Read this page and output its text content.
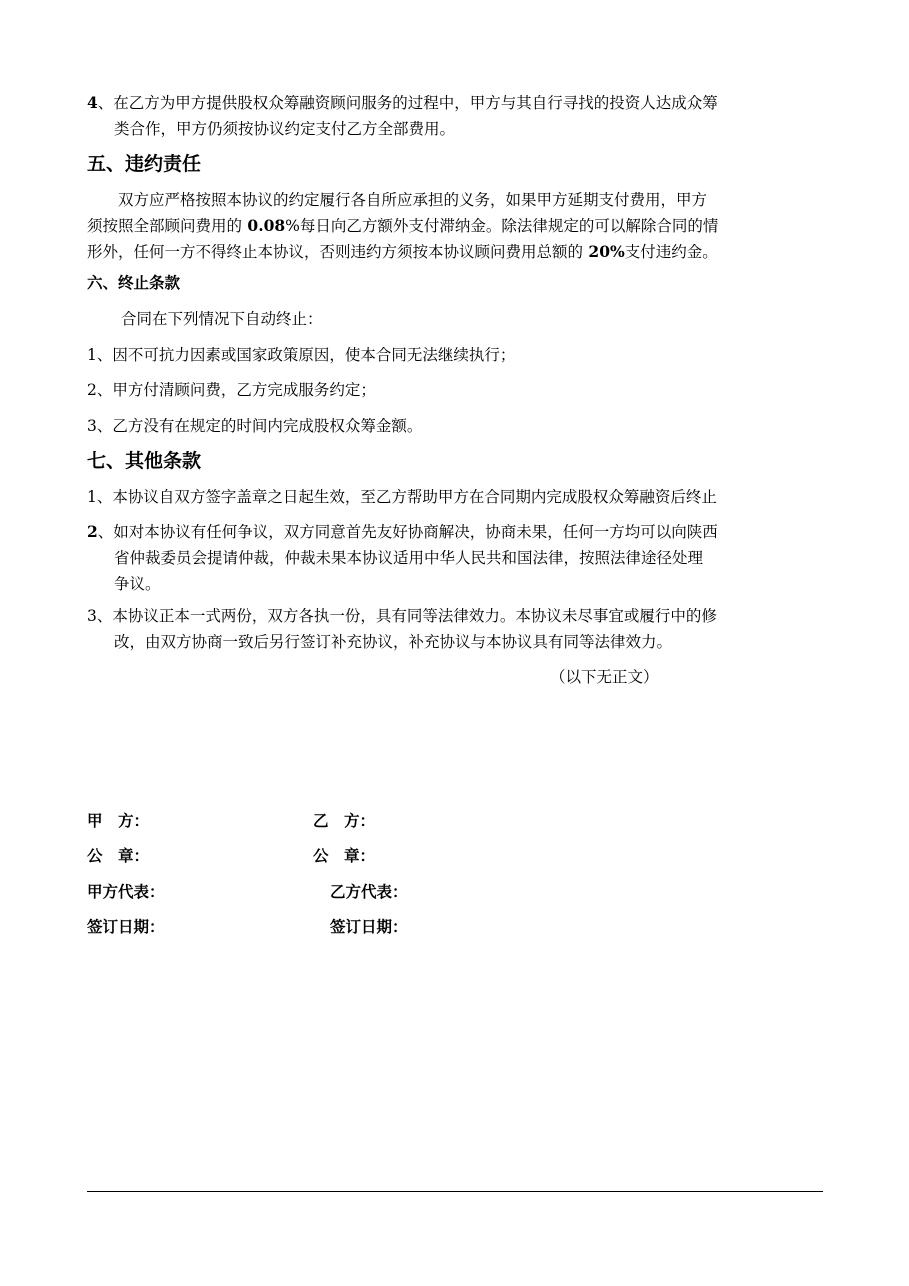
4、在乙方为甲方提供股权众筹融资顾问服务的过程中，甲方与其自行寻找的投资人达成众筹
类合作，甲方仍须按协议约定支付乙方全部费用。
五、违约责任
双方应严格按照本协议的约定履行各自所应承担的义务，如果甲方延期支付费用，甲方
须按照全部顾问费用的 0.08%每日向乙方额外支付滞纳金。除法律规定的可以解除合同的情
形外，任何一方不得终止本协议，否则违约方须按本协议顾问费用总额的 20%支付违约金。
六、终止条款
合同在下列情况下自动终止：
1、因不可抗力因素或国家政策原因，使本合同无法继续执行；
2、甲方付清顾问费，乙方完成服务约定；
3、乙方没有在规定的时间内完成股权众筹金额。
七、其他条款
1、本协议自双方签字盖章之日起生效，至乙方帮助甲方在合同期内完成股权众筹融资后终止
2、如对本协议有任何争议，双方同意首先友好协商解决，协商未果，任何一方均可以向陕西
省仲裁委员会提请仲裁，仲裁未果本协议适用中华人民共和国法律，按照法律途径处理
争议。
3、本协议正本一式两份，双方各执一份，具有同等法律效力。本协议未尽事宜或履行中的修
改，由双方协商一致后另行签订补充协议，补充协议与本协议具有同等法律效力。
（以下无正文）
甲　方：	乙　方：
公　章：	公　章：
甲方代表：	乙方代表：
签订日期：	签订日期：
